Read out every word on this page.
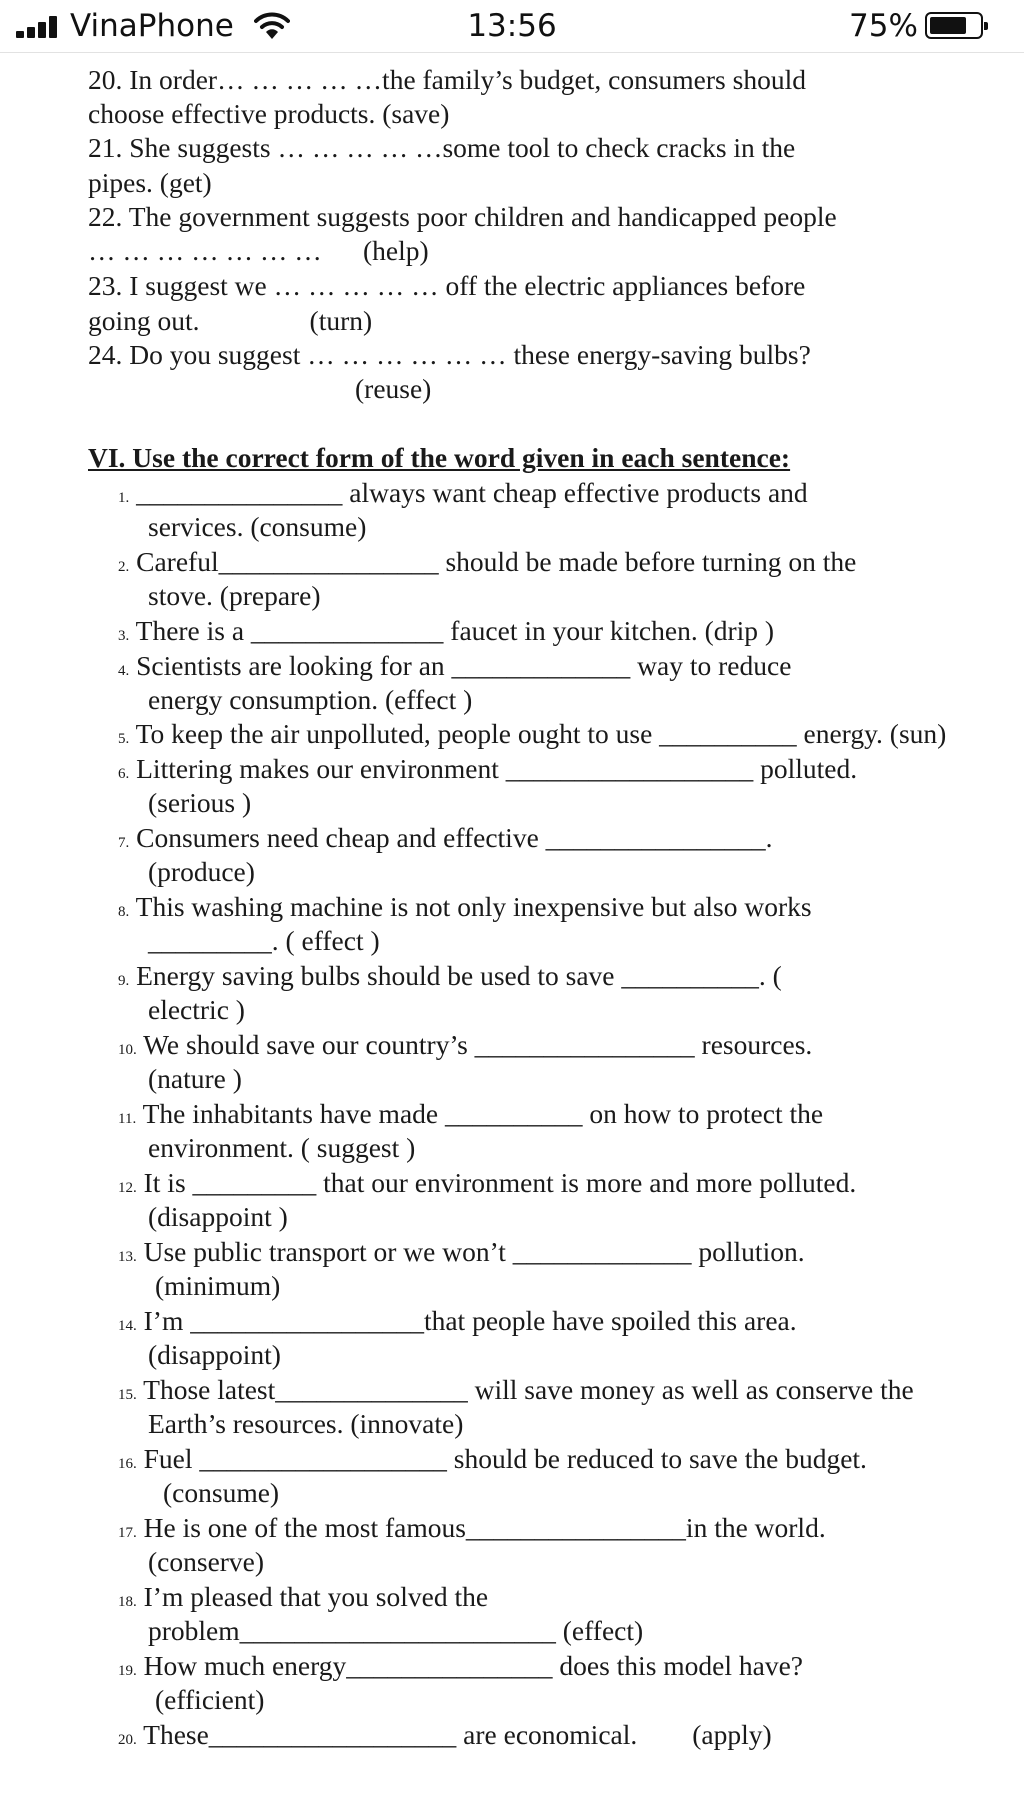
VinaPhone	13:56	75%
20. In order… … … … …the family’s budget, consumers should
choose effective products. (save)
21. She suggests … … … … …some tool to check cracks in the
pipes. (get)
22. The government suggests poor children and handicapped people
… … … … … … …      (help)
23. I suggest we … … … … … off the electric appliances before
going out.                (turn)
24. Do you suggest … … … … … … these energy-saving bulbs?
(reuse)
VI. Use the correct form of the word given in each sentence:
1. _______________ always want cheap effective products and
services. (consume)
2. Careful________________ should be made before turning on the
stove. (prepare)
3. There is a ______________ faucet in your kitchen. (drip )
4. Scientists are looking for an _____________ way to reduce
energy consumption. (effect )
5. To keep the air unpolluted, people ought to use __________ energy. (sun)
6. Littering makes our environment __________________ polluted.
(serious )
7. Consumers need cheap and effective ________________.
(produce)
8. This washing machine is not only inexpensive but also works
_________. ( effect )
9. Energy saving bulbs should be used to save __________. (
electric )
10. We should save our country’s ________________ resources.
(nature )
11. The inhabitants have made __________ on how to protect the
environment. ( suggest )
12. It is _________ that our environment is more and more polluted.
(disappoint )
13. Use public transport or we won’t _____________ pollution.
(minimum)
14. I’m _________________that people have spoiled this area.
(disappoint)
15. Those latest______________ will save money as well as conserve the
Earth’s resources. (innovate)
16. Fuel __________________ should be reduced to save the budget.
(consume)
17. He is one of the most famous________________in the world.
(conserve)
18. I’m pleased that you solved the
problem_______________________ (effect)
19. How much energy_______________ does this model have?
(efficient)
20. These__________________ are economical.        (apply)
